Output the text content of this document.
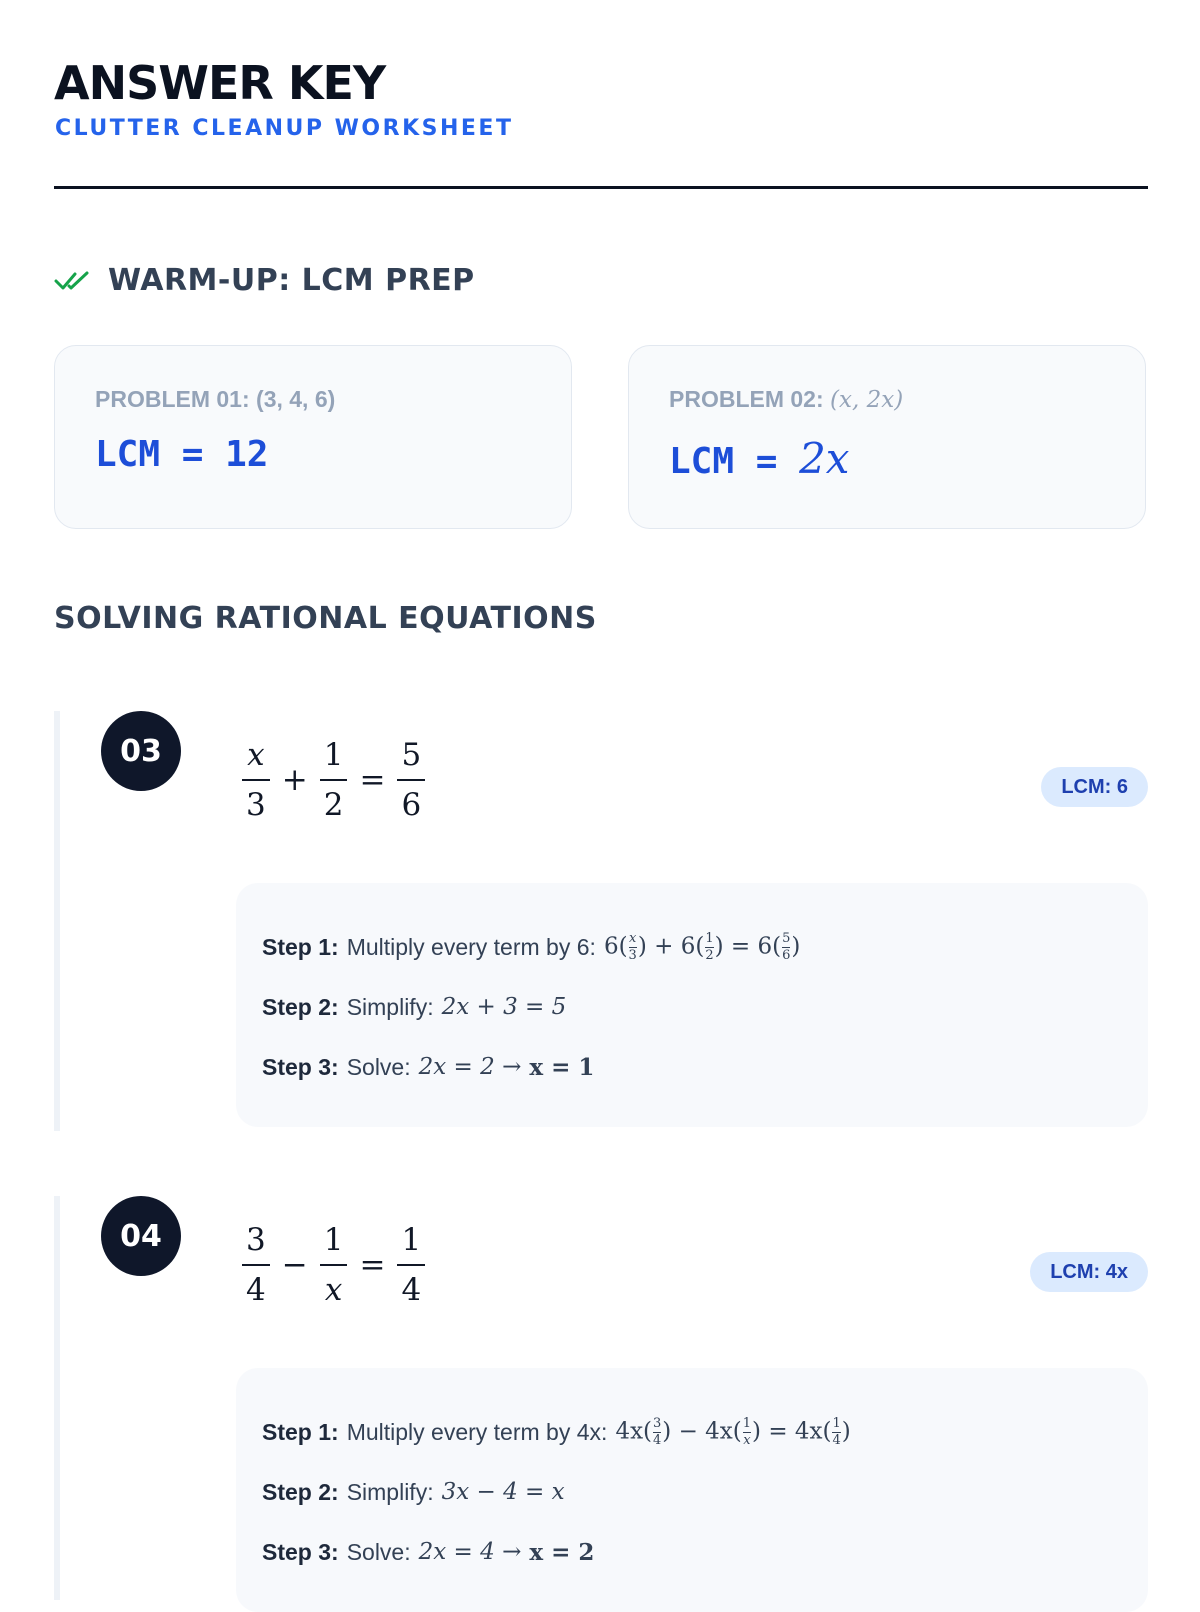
ANSWER KEY
CLUTTER CLEANUP WORKSHEET
WARM-UP: LCM PREP
PROBLEM 01: (3, 4, 6)
LCM = 12
PROBLEM 02: (x, 2x)
LCM = 2x
SOLVING RATIONAL EQUATIONS
03	$\frac{x}{3} + \frac{1}{2} = \frac{5}{6}$	LCM: 6
Step 1: Multiply every term by 6: $6( \frac{x}{3}$ ) + $6( \frac{1}{2}$ ) = $6( \frac{5}{6}$ )
Step 2: Simplify: 2x + 3 = 5
Step 3: Solve: 2x = 2 → x = 1
04	$\frac{3}{4} - \frac{1}{x} = \frac{1}{4}$	LCM: 4x
Step 1: Multiply every term by 4x: $4x( \frac{3}{4}$ ) − $4x( \frac{1}{x}$ ) = $4x( \frac{1}{4}$ )
Step 2: Simplify: 3x − 4 = x
Step 3: Solve: 2x = 4 → x = 2
